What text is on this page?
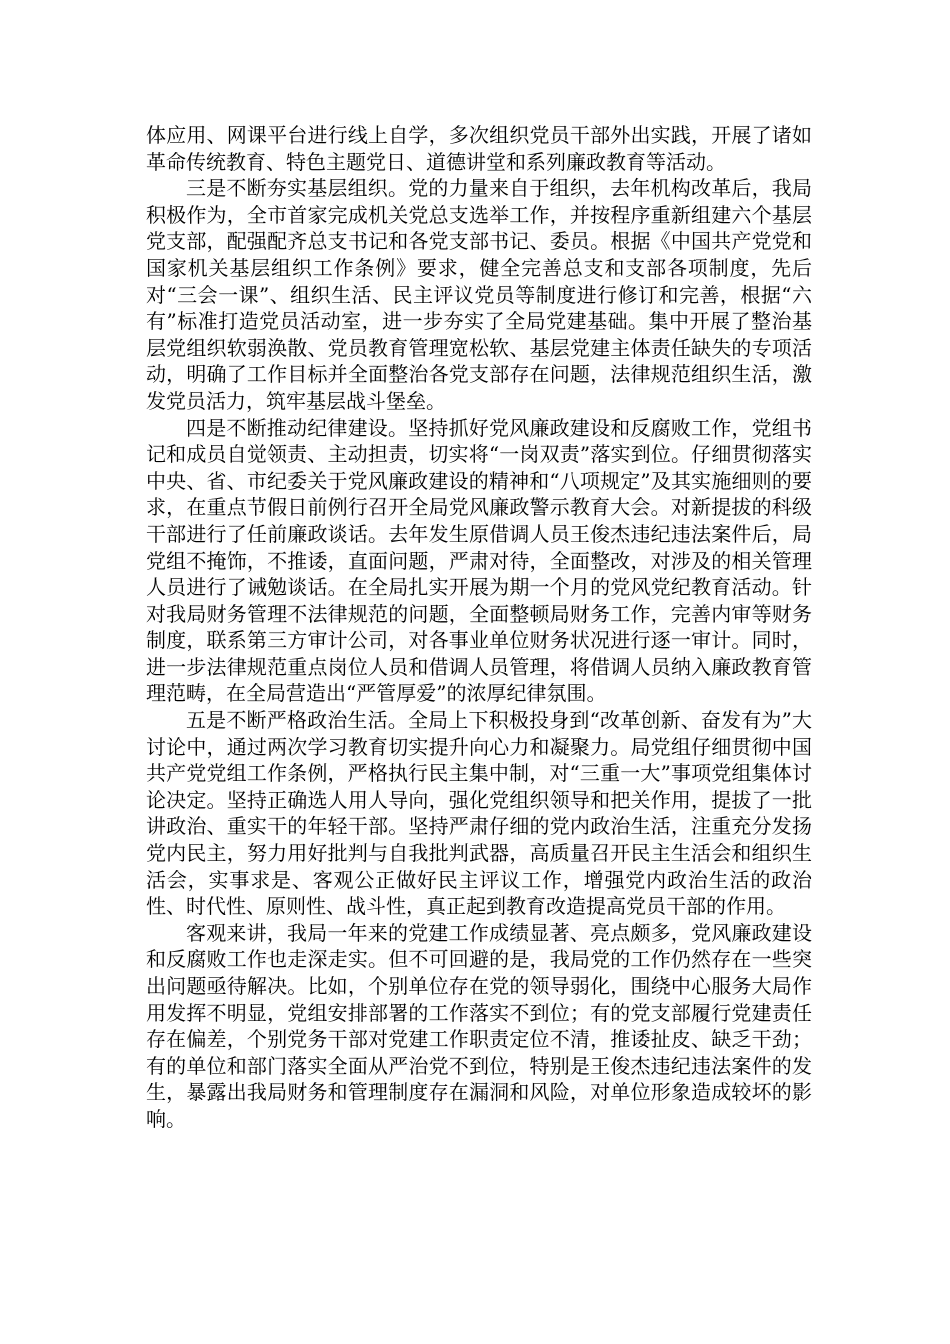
体应用、网课平台进行线上自学，多次组织党员干部外出实践，开展了诸如革命传统教育、特色主题党日、道德讲堂和系列廉政教育等活动。

三是不断夯实基层组织。党的力量来自于组织，去年机构改革后，我局积极作为，全市首家完成机关党总支选举工作，并按程序重新组建六个基层党支部，配强配齐总支书记和各党支部书记、委员。根据《中国共产党党和国家机关基层组织工作条例》要求，健全完善总支和支部各项制度，先后对“三会一课”、组织生活、民主评议党员等制度进行修订和完善，根据“六有”标准打造党员活动室，进一步夯实了全局党建基础。集中开展了整治基层党组织软弱涣散、党员教育管理宽松软、基层党建主体责任缺失的专项活动，明确了工作目标并全面整治各党支部存在问题，法律规范组织生活，激发党员活力，筑牢基层战斗堡垒。

四是不断推动纪律建设。坚持抓好党风廉政建设和反腐败工作，党组书记和成员自觉领责、主动担责，切实将“一岗双责”落实到位。仔细贯彻落实中央、省、市纪委关于党风廉政建设的精神和“八项规定”及其实施细则的要求，在重点节假日前例行召开全局党风廉政警示教育大会。对新提拔的科级干部进行了任前廉政谈话。去年发生原借调人员王俊杰违纪违法案件后，局党组不掩饰，不推诿，直面问题，严肃对待，全面整改，对涉及的相关管理人员进行了诫勉谈话。在全局扎实开展为期一个月的党风党纪教育活动。针对我局财务管理不法律规范的问题，全面整顿局财务工作，完善内审等财务制度，联系第三方审计公司，对各事业单位财务状况进行逐一审计。同时，进一步法律规范重点岗位人员和借调人员管理，将借调人员纳入廉政教育管理范畴，在全局营造出“严管厚爱”的浓厚纪律氛围。

五是不断严格政治生活。全局上下积极投身到“改革创新、奋发有为”大讨论中，通过两次学习教育切实提升向心力和凝聚力。局党组仔细贯彻中国共产党党组工作条例，严格执行民主集中制，对“三重一大”事项党组集体讨论决定。坚持正确选人用人导向，强化党组织领导和把关作用，提拔了一批讲政治、重实干的年轻干部。坚持严肃仔细的党内政治生活，注重充分发扬党内民主，努力用好批判与自我批判武器，高质量召开民主生活会和组织生活会，实事求是、客观公正做好民主评议工作，增强党内政治生活的政治性、时代性、原则性、战斗性，真正起到教育改造提高党员干部的作用。

客观来讲，我局一年来的党建工作成绩显著、亮点颇多，党风廉政建设和反腐败工作也走深走实。但不可回避的是，我局党的工作仍然存在一些突出问题亟待解决。比如，个别单位存在党的领导弱化，围绕中心服务大局作用发挥不明显，党组安排部署的工作落实不到位；有的党支部履行党建责任存在偏差，个别党务干部对党建工作职责定位不清，推诿扯皮、缺乏干劲；有的单位和部门落实全面从严治党不到位，特别是王俊杰违纪违法案件的发生，暴露出我局财务和管理制度存在漏洞和风险，对单位形象造成较坏的影响。
